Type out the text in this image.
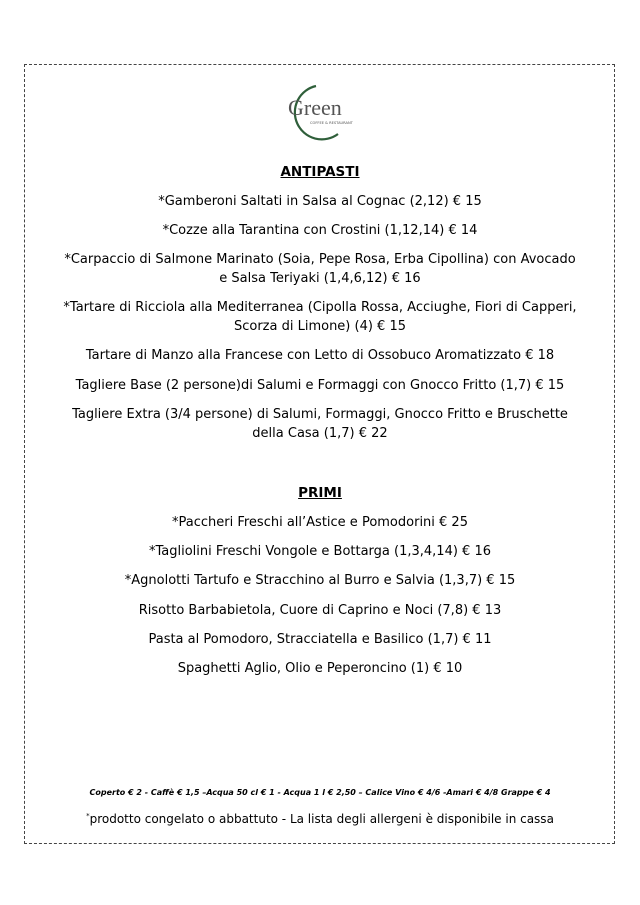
Green
COFFEE & RESTAURANT
ANTIPASTI
*Gamberoni Saltati in Salsa al Cognac (2,12) € 15
*Cozze alla Tarantina con Crostini (1,12,14) € 14
*Carpaccio di Salmone Marinato (Soia, Pepe Rosa, Erba Cipollina) con Avocado e Salsa Teriyaki (1,4,6,12) € 16
*Tartare di Ricciola alla Mediterranea (Cipolla Rossa, Acciughe, Fiori di Capperi, Scorza di Limone) (4) € 15
Tartare di Manzo alla Francese con Letto di Ossobuco Aromatizzato € 18
Tagliere Base (2 persone)di Salumi e Formaggi con Gnocco Fritto (1,7) € 15
Tagliere Extra (3/4 persone) di Salumi, Formaggi, Gnocco Fritto e Bruschette della Casa (1,7) € 22
PRIMI
*Paccheri Freschi all’Astice e Pomodorini € 25
*Tagliolini Freschi Vongole e Bottarga (1,3,4,14) € 16
*Agnolotti Tartufo e Stracchino al Burro e Salvia (1,3,7) € 15
Risotto Barbabietola, Cuore di Caprino e Noci (7,8) € 13
Pasta al Pomodoro, Stracciatella e Basilico (1,7) € 11
Spaghetti Aglio, Olio e Peperoncino (1) € 10
Coperto € 2 - Caffè € 1,5 –Acqua 50 cl € 1 - Acqua 1 l € 2,50 – Calice Vino € 4/6 -Amari € 4/8 Grappe € 4
*prodotto congelato o abbattuto - La lista degli allergeni è disponibile in cassa
